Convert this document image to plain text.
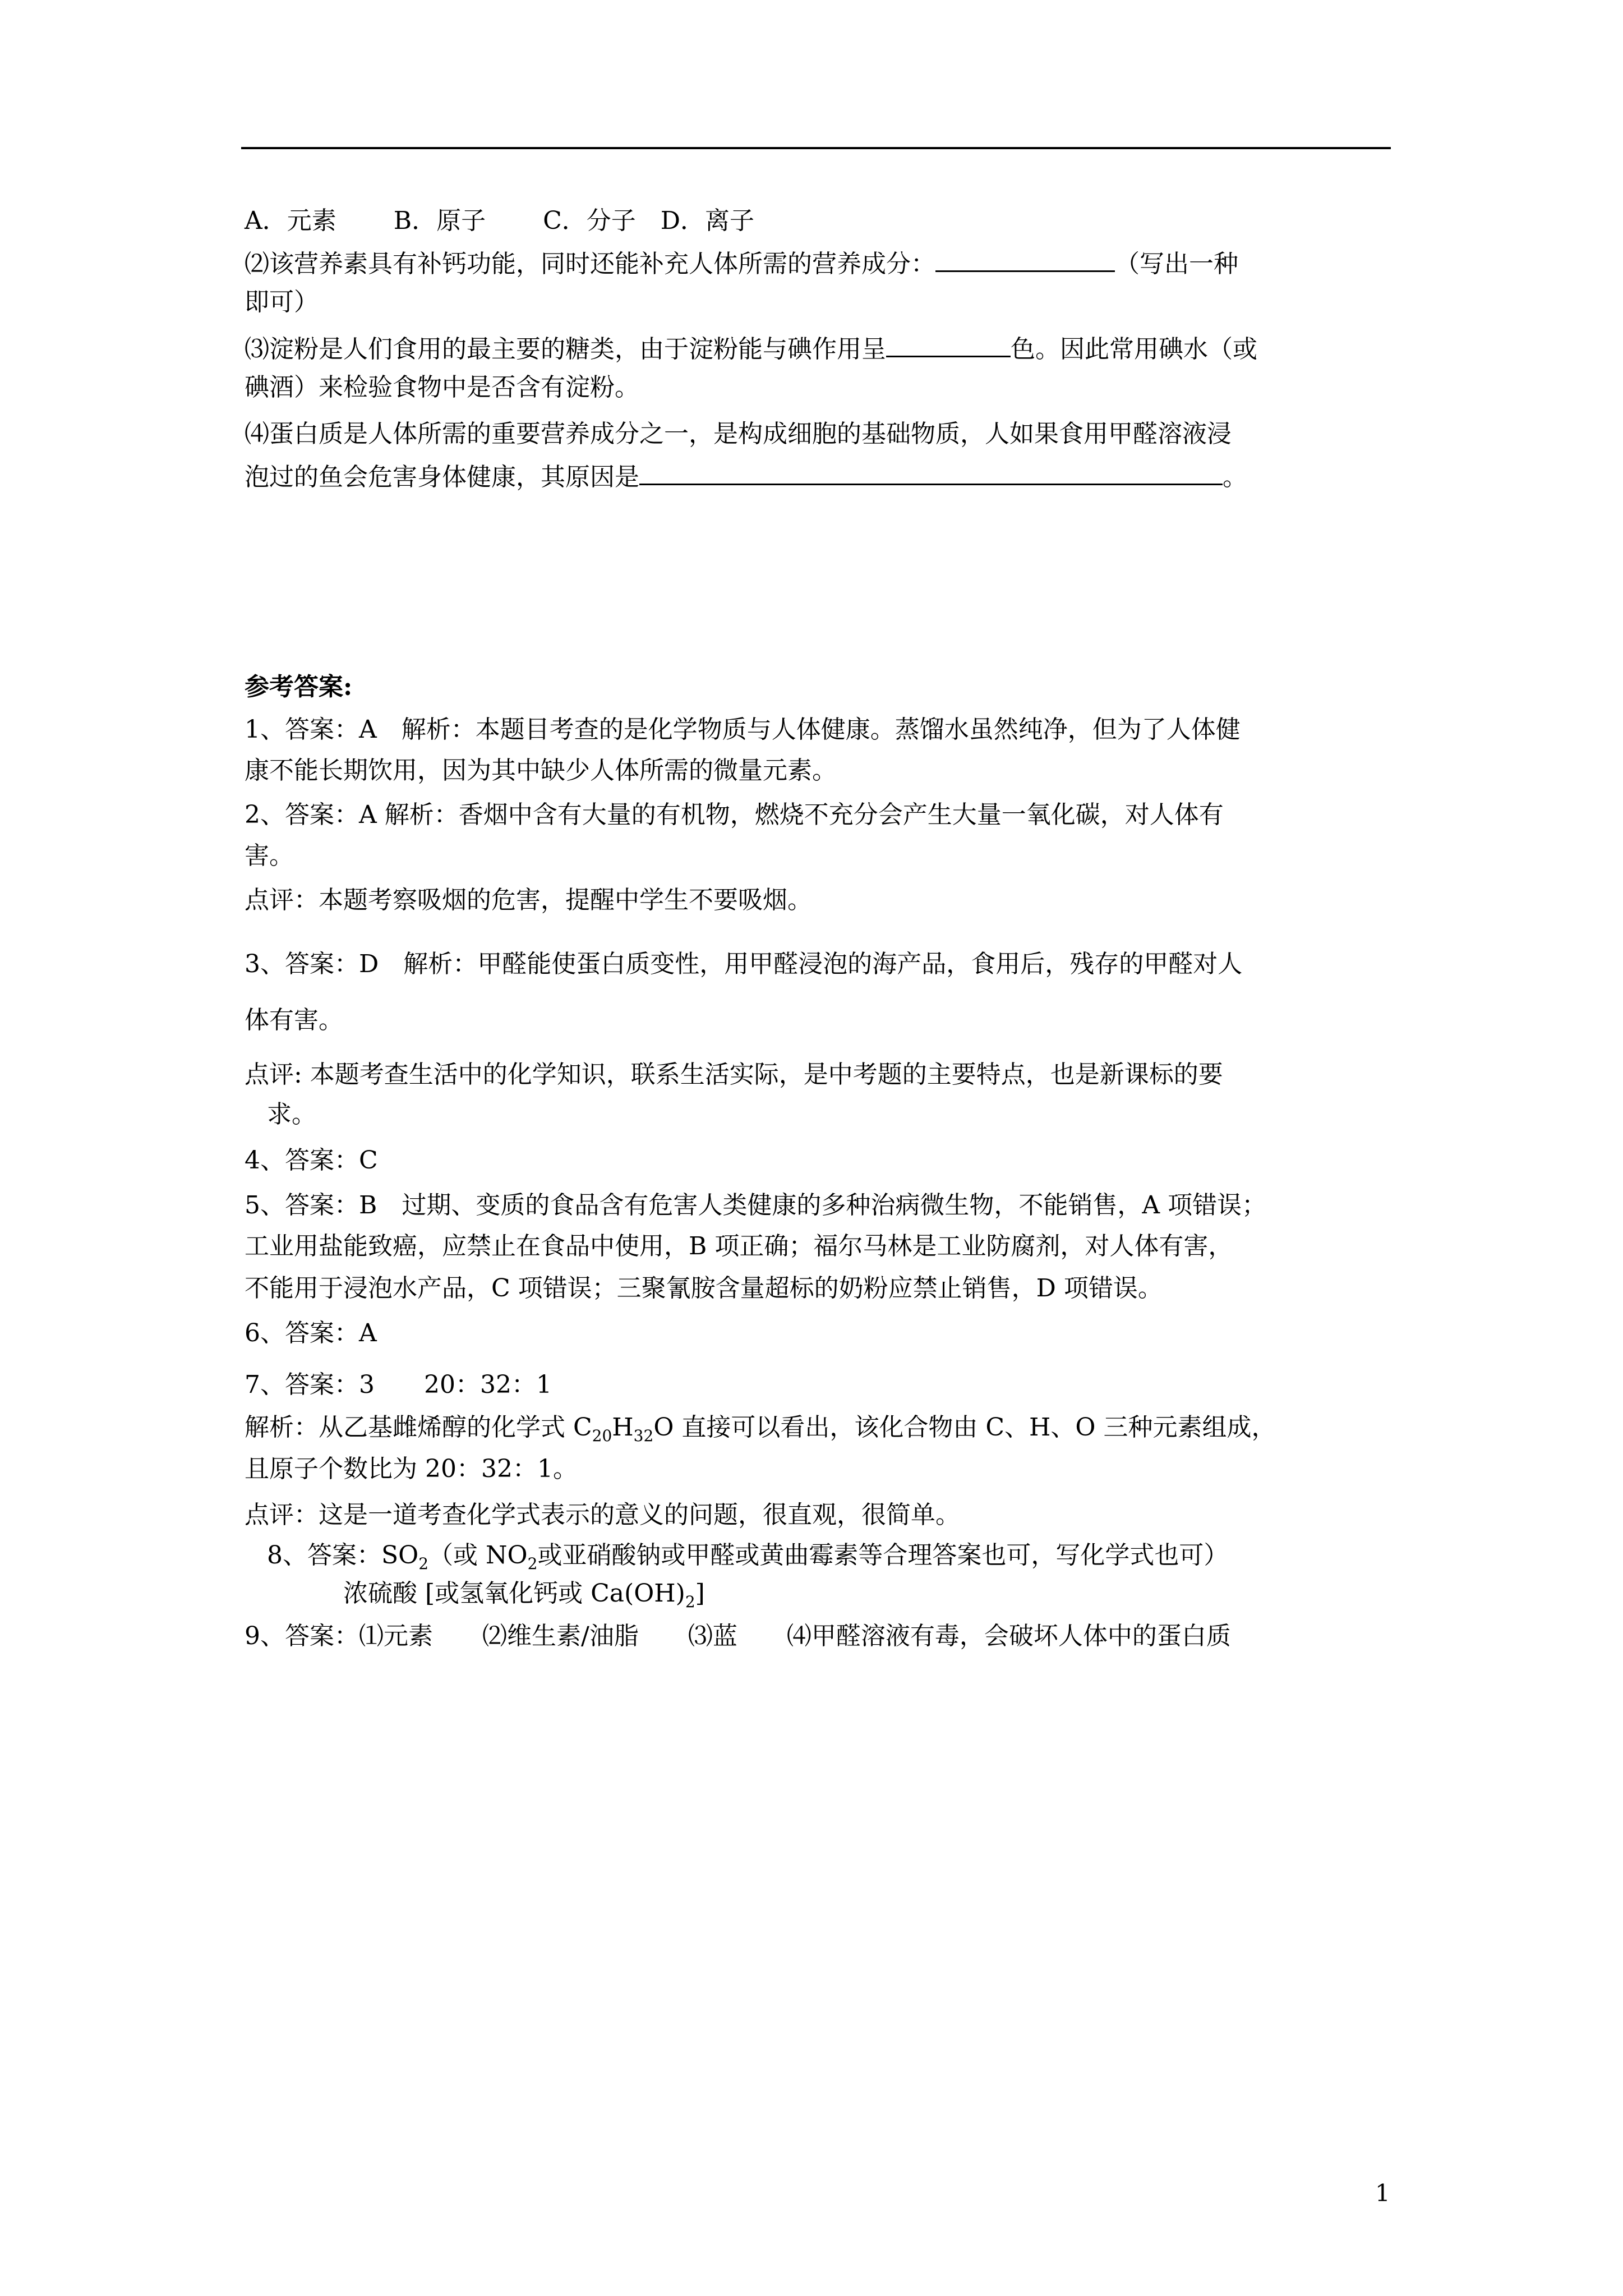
A．元素　　 B．原子　　 C．分子　D．离子
⑵该营养素具有补钙功能，同时还能补充人体所需的营养成分：	（写出一种
即可）
⑶淀粉是人们食用的最主要的糖类，由于淀粉能与碘作用呈	色。因此常用碘水（或
碘酒）来检验食物中是否含有淀粉。
⑷蛋白质是人体所需的重要营养成分之一，是构成细胞的基础物质，人如果食用甲醛溶液浸
泡过的鱼会危害身体健康，其原因是	。
参考答案:
1、答案：A　解析：本题目考查的是化学物质与人体健康。蒸馏水虽然纯净，但为了人体健
康不能长期饮用，因为其中缺少人体所需的微量元素。
2、答案：A 解析：香烟中含有大量的有机物，燃烧不充分会产生大量一氧化碳，对人体有
害。
点评：本题考察吸烟的危害，提醒中学生不要吸烟。
3、答案：D　解析：甲醛能使蛋白质变性，用甲醛浸泡的海产品，食用后，残存的甲醛对人
体有害。
点评: 本题考查生活中的化学知识，联系生活实际，是中考题的主要特点，也是新课标的要
求。
4、答案：C
5、答案：B　过期、变质的食品含有危害人类健康的多种治病微生物，不能销售，A 项错误；
工业用盐能致癌，应禁止在食品中使用，B 项正确；福尔马林是工业防腐剂，对人体有害，
不能用于浸泡水产品，C 项错误；三聚氰胺含量超标的奶粉应禁止销售，D 项错误。
6、答案：A
7、答案：3　　20：32：1
解析：从乙基雌烯醇的化学式 $C_{20}H_{32}O$ 直接可以看出，该化合物由 C、H、O 三种元素组成，
且原子个数比为 20：32：1。
点评：这是一道考查化学式表示的意义的问题，很直观，很简单。
8、答案：$SO_2$（或 $NO_2$或亚硝酸钠或甲醛或黄曲霉素等合理答案也可，写化学式也可）
浓硫酸 [或氢氧化钙或 $Ca(OH)_2$]
9、答案：⑴元素　　⑵维生素/油脂　　⑶蓝　　⑷甲醛溶液有毒，会破坏人体中的蛋白质
1
